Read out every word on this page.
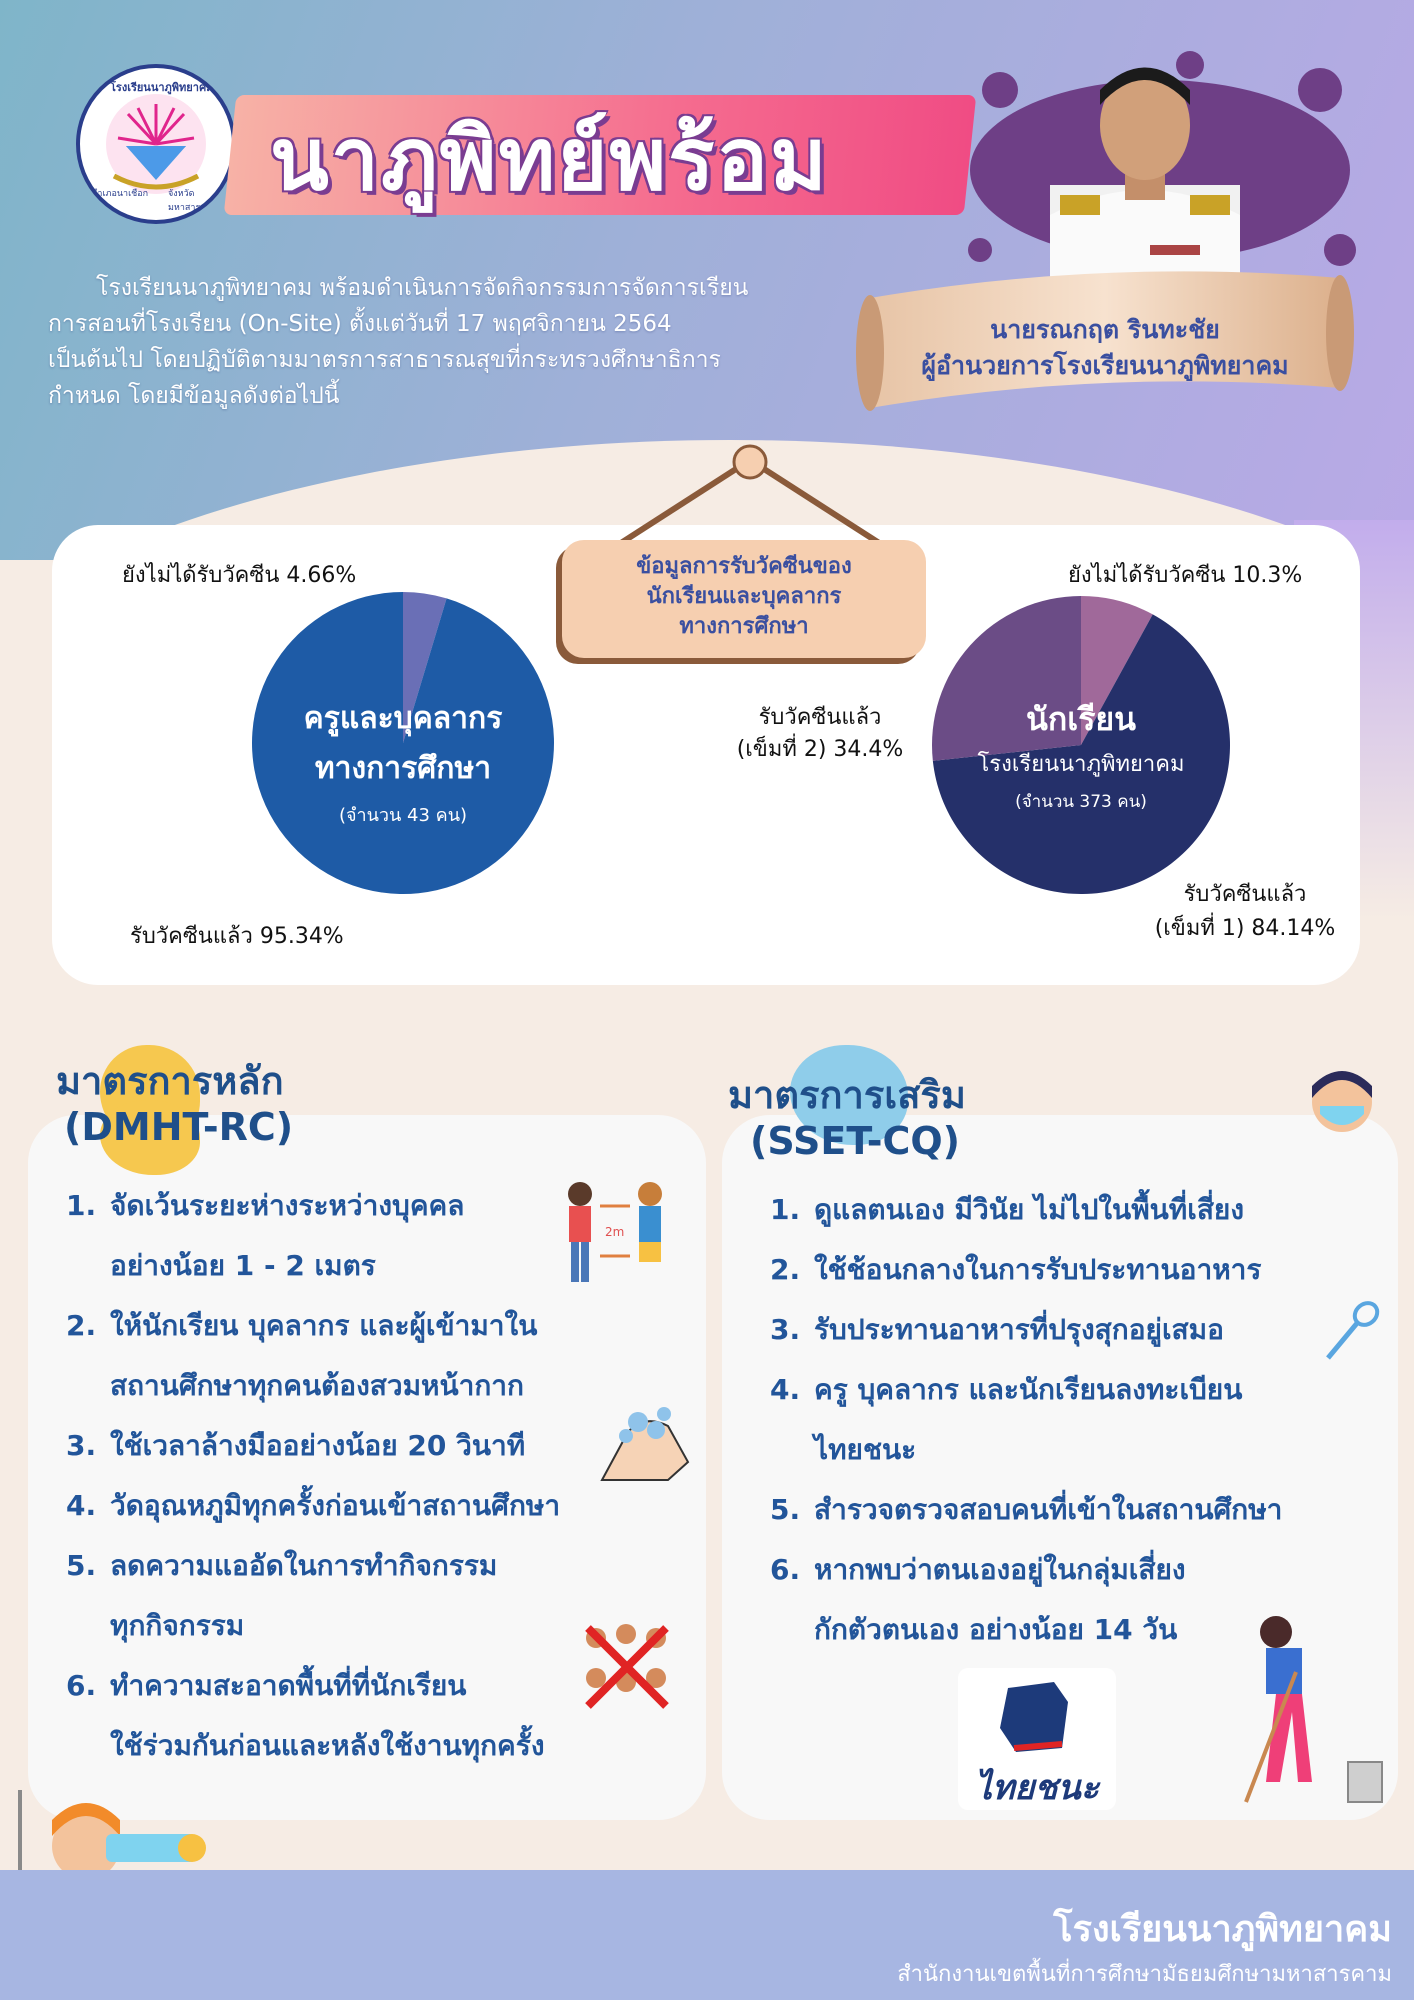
โรงเรียนนาภูพิทยาคม
อำเภอนาเชือก จังหวัดมหาสารคาม นาภูพิทย์พร้อม
โรงเรียนนาภูพิทยาคม พร้อมดำเนินการจัดกิจกรรมการจัดการเรียน
การสอนที่โรงเรียน (On-Site) ตั้งแต่วันที่ 17 พฤศจิกายน 2564
เป็นต้นไป โดยปฏิบัติตามมาตรการสาธารณสุขที่กระทรวงศึกษาธิการ
กำหนด โดยมีข้อมูลดังต่อไปนี้
นายรณกฤต รินทะชัย
ผู้อำนวยการโรงเรียนนาภูพิทยาคม
ข้อมูลการรับวัคซีนของ
นักเรียนและบุคลากร
ทางการศึกษา
ครูและบุคลากร
ทางการศึกษา
(จำนวน 43 คน)
ยังไม่ได้รับวัคซีน 4.66%
รับวัคซีนแล้ว 95.34%
นักเรียน
โรงเรียนนาภูพิทยาคม
(จำนวน 373 คน)
ยังไม่ได้รับวัคซีน 10.3%
รับวัคซีนแล้ว
(เข็มที่ 2) 34.4%
รับวัคซีนแล้ว
(เข็มที่ 1) 84.14%
มาตรการหลัก
(DMHT-RC)
1. จัดเว้นระยะห่างระหว่างบุคคล
อย่างน้อย 1 - 2 เมตร
2. ให้นักเรียน บุคลากร และผู้เข้ามาใน
สถานศึกษาทุกคนต้องสวมหน้ากาก
3. ใช้เวลาล้างมืออย่างน้อย 20 วินาที
4. วัดอุณหภูมิทุกครั้งก่อนเข้าสถานศึกษา
5. ลดความแออัดในการทำกิจกรรม
ทุกกิจกรรม
6. ทำความสะอาดพื้นที่ที่นักเรียน
ใช้ร่วมกันก่อนและหลังใช้งานทุกครั้ง
2m
มาตรการเสริม
(SSET-CQ)
1. ดูแลตนเอง มีวินัย ไม่ไปในพื้นที่เสี่ยง
2. ใช้ช้อนกลางในการรับประทานอาหาร
3. รับประทานอาหารที่ปรุงสุกอยู่เสมอ
4. ครู บุคลากร และนักเรียนลงทะเบียน
ไทยชนะ
5. สำรวจตรวจสอบคนที่เข้าในสถานศึกษา
6. หากพบว่าตนเองอยู่ในกลุ่มเสี่ยง
กักตัวตนเอง อย่างน้อย 14 วัน
ไทยชนะ
โรงเรียนนาภูพิทยาคม
สำนักงานเขตพื้นที่การศึกษามัธยมศึกษามหาสารคาม
